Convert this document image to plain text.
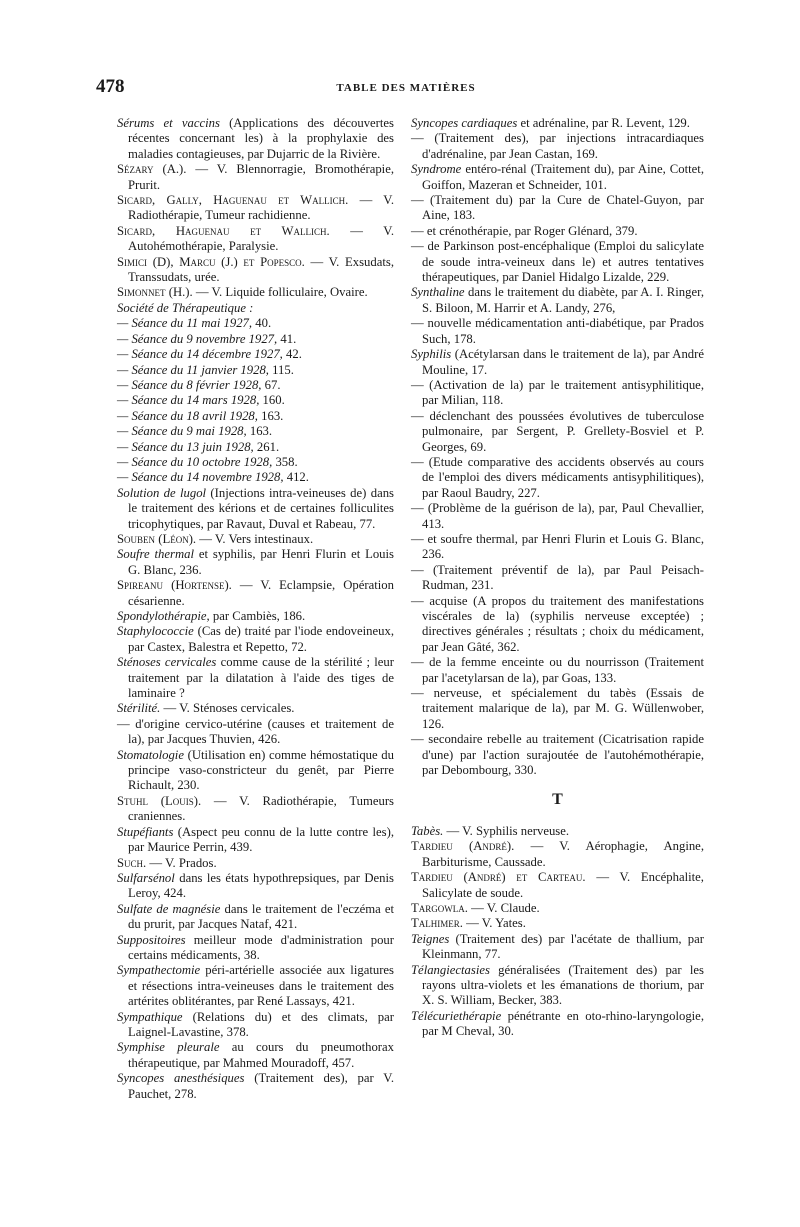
478	TABLE DES MATIÈRES

Sérums et vaccins (Applications des découvertes récentes concernant les) à la prophylaxie des maladies contagieuses, par Dujarric de la Rivière.

Sézary (A.). — V. Blennorragie, Bromothérapie, Prurit.

Sicard, Gally, Haguenau et Wallich. — V. Radiothérapie, Tumeur rachidienne.

Sicard, Haguenau et Wallich. — V. Autohémothérapie, Paralysie.

Simici (D), Marcu (J.) et Popesco. — V. Exsudats, Transsudats, urée.

Simonnet (H.). — V. Liquide folliculaire, Ovaire.

Société de Thérapeutique :

— Séance du 11 mai 1927, 40.

— Séance du 9 novembre 1927, 41.

— Séance du 14 décembre 1927, 42.

— Séance du 11 janvier 1928, 115.

— Séance du 8 février 1928, 67.

— Séance du 14 mars 1928, 160.

— Séance du 18 avril 1928, 163.

— Séance du 9 mai 1928, 163.

— Séance du 13 juin 1928, 261.

— Séance du 10 octobre 1928, 358.

— Séance du 14 novembre 1928, 412.

Solution de lugol (Injections intra-veineuses de) dans le traitement des kérions et de certaines folliculites tricophytiques, par Ravaut, Duval et Rabeau, 77.

Souben (Léon). — V. Vers intestinaux.

Soufre thermal et syphilis, par Henri Flurin et Louis G. Blanc, 236.

Spireanu (Hortense). — V. Eclampsie, Opération césarienne.

Spondylothérapie, par Cambiès, 186.

Staphylococcie (Cas de) traité par l'iode endoveineux, par Castex, Balestra et Repetto, 72.

Sténoses cervicales comme cause de la stérilité ; leur traitement par la dilatation à l'aide des tiges de laminaire ?

Stérilité. — V. Sténoses cervicales.

— d'origine cervico-utérine (causes et traitement de la), par Jacques Thuvien, 426.

Stomatologie (Utilisation en) comme hémostatique du principe vaso-constricteur du genêt, par Pierre Richault, 230.

Stuhl (Louis). — V. Radiothérapie, Tumeurs craniennes.

Stupéfiants (Aspect peu connu de la lutte contre les), par Maurice Perrin, 439.

Such. — V. Prados.

Sulfarsénol dans les états hypothrepsiques, par Denis Leroy, 424.

Sulfate de magnésie dans le traitement de l'eczéma et du prurit, par Jacques Nataf, 421.

Suppositoires meilleur mode d'administration pour certains médicaments, 38.

Sympathectomie péri-artérielle associée aux ligatures et résections intra-veineuses dans le traitement des artérites oblitérantes, par René Lassays, 421.

Sympathique (Relations du) et des climats, par Laignel-Lavastine, 378.

Symphise pleurale au cours du pneumothorax thérapeutique, par Mahmed Mouradoff, 457.

Syncopes anesthésiques (Traitement des), par V. Pauchet, 278.

Syncopes cardiaques et adrénaline, par R. Levent, 129.

— (Traitement des), par injections intracardiaques d'adrénaline, par Jean Castan, 169.

Syndrome entéro-rénal (Traitement du), par Aine, Cottet, Goiffon, Mazeran et Schneider, 101.

— (Traitement du) par la Cure de Chatel-Guyon, par Aine, 183.

— et crénothérapie, par Roger Glénard, 379.

— de Parkinson post-encéphalique (Emploi du salicylate de soude intra-veineux dans le) et autres tentatives thérapeutiques, par Daniel Hidalgo Lizalde, 229.

Synthaline dans le traitement du diabète, par A. I. Ringer, S. Biloon, M. Harrir et A. Landy, 276,

— nouvelle médicamentation anti-diabétique, par Prados Such, 178.

Syphilis (Acétylarsan dans le traitement de la), par André Mouline, 17.

— (Activation de la) par le traitement antisyphilitique, par Milian, 118.

— déclenchant des poussées évolutives de tuberculose pulmonaire, par Sergent, P. Grellety-Bosviel et P. Georges, 69.

— (Etude comparative des accidents observés au cours de l'emploi des divers médicaments antisyphilitiques), par Raoul Baudry, 227.

— (Problème de la guérison de la), par, Paul Chevallier, 413.

— et soufre thermal, par Henri Flurin et Louis G. Blanc, 236.

— (Traitement préventif de la), par Paul Peisach-Rudman, 231.

— acquise (A propos du traitement des manifestations viscérales de la) (syphilis nerveuse exceptée) ; directives générales ; résultats ; choix du médicament, par Jean Gâté, 362.

— de la femme enceinte ou du nourrisson (Traitement par l'acetylarsan de la), par Goas, 133.

— nerveuse, et spécialement du tabès (Essais de traitement malarique de la), par M. G. Wüllenwober, 126.

— secondaire rebelle au traitement (Cicatrisation rapide d'une) par l'action surajoutée de l'autohémothérapie, par Debombourg, 330.

T

Tabès. — V. Syphilis nerveuse.

Tardieu (André). — V. Aérophagie, Angine, Barbiturisme, Caussade.

Tardieu (André) et Carteau. — V. Encéphalite, Salicylate de soude.

Targowla. — V. Claude.

Talhimer. — V. Yates.

Teignes (Traitement des) par l'acétate de thallium, par Kleinmann, 77.

Télangiectasies généralisées (Traitement des) par les rayons ultra-violets et les émanations de thorium, par X. S. William, Becker, 383.

Télécuriethérapie pénétrante en oto-rhino-laryngologie, par M Cheval, 30.
